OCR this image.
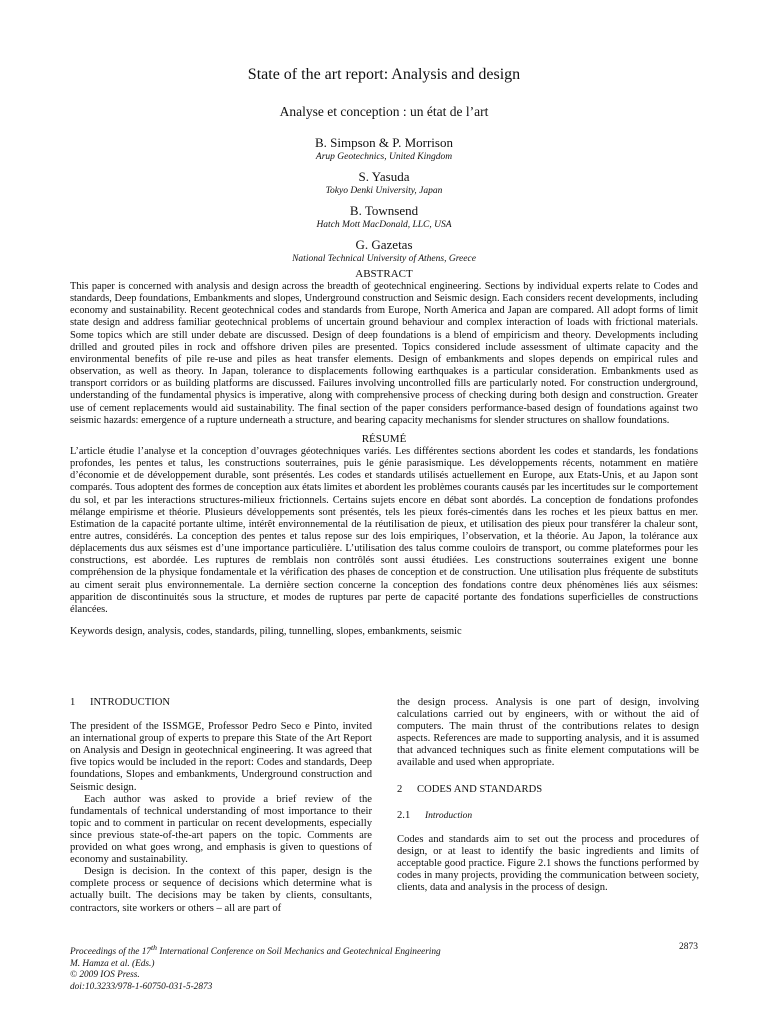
State of the art report: Analysis and design
Analyse et conception : un état de l’art
B. Simpson & P. Morrison
Arup Geotechnics, United Kingdom
S. Yasuda
Tokyo Denki University, Japan
B. Townsend
Hatch Mott MacDonald, LLC, USA
G. Gazetas
National Technical University of Athens, Greece
ABSTRACT

This paper is concerned with analysis and design across the breadth of geotechnical engineering. Sections by individual experts relate to Codes and standards, Deep foundations, Embankments and slopes, Underground construction and Seismic design. Each considers recent developments, including economy and sustainability. Recent geotechnical codes and standards from Europe, North America and Japan are compared. All adopt forms of limit state design and address familiar geotechnical problems of uncertain ground behaviour and complex interaction of loads with frictional materials. Some topics which are still under debate are discussed. Design of deep foundations is a blend of empiricism and theory. Developments including drilled and grouted piles in rock and offshore driven piles are presented. Topics considered include assessment of ultimate capacity and the environmental benefits of pile re-use and piles as heat transfer elements. Design of embankments and slopes depends on empirical rules and observation, as well as theory. In Japan, tolerance to displacements following earthquakes is a particular consideration. Embankments used as transport corridors or as building platforms are discussed. Failures involving uncontrolled fills are particularly noted. For construction underground, understanding of the fundamental physics is imperative, along with comprehensive process of checking during both design and construction. Greater use of cement replacements would aid sustainability. The final section of the paper considers performance-based design of foundations against two seismic hazards: emergence of a rupture underneath a structure, and bearing capacity mechanisms for slender structures on shallow foundations.

RÉSUMÉ

L’article étudie l’analyse et la conception d’ouvrages géotechniques variés. Les différentes sections abordent les codes et standards, les fondations profondes, les pentes et talus, les constructions souterraines, puis le génie parasismique. Les développements récents, notamment en matière d’économie et de développement durable, sont présentés. Les codes et standards utilisés actuellement en Europe, aux Etats-Unis, et au Japon sont comparés. Tous adoptent des formes de conception aux états limites et abordent les problèmes courants causés par les incertitudes sur le comportement du sol, et par les interactions structures-milieux frictionnels. Certains sujets encore en débat sont abordés. La conception de fondations profondes mélange empirisme et théorie. Plusieurs développements sont présentés, tels les pieux forés-cimentés dans les roches et les pieux battus en mer. Estimation de la capacité portante ultime, intérêt environnemental de la réutilisation de pieux, et utilisation des pieux pour transférer la chaleur sont, entre autres, considérés. La conception des pentes et talus repose sur des lois empiriques, l’observation, et la théorie. Au Japon, la tolérance aux déplacements dus aux séismes est d’une importance particulière. L’utilisation des talus comme couloirs de transport, ou comme plateformes pour les constructions, est abordée. Les ruptures de remblais non contrôlés sont aussi étudiées. Les constructions souterraines exigent une bonne compréhension de la physique fondamentale et la vérification des phases de conception et de construction. Une utilisation plus fréquente de substituts au ciment serait plus environnementale. La dernière section concerne la conception des fondations contre deux phénomènes liés aux séismes: apparition de discontinuités sous la structure, et modes de ruptures par perte de capacité portante des fondations superficielles de constructions élancées.

Keywords design, analysis, codes, standards, piling, tunnelling, slopes, embankments, seismic
1 INTRODUCTION

The president of the ISSMGE, Professor Pedro Seco e Pinto, invited an international group of experts to prepare this State of the Art Report on Analysis and Design in geotechnical engineering. It was agreed that five topics would be included in the report: Codes and standards, Deep foundations, Slopes and embankments, Underground construction and Seismic design.

Each author was asked to provide a brief review of the fundamentals of technical understanding of most importance to their topic and to comment in particular on recent developments, especially since previous state-of-the-art papers on the topic. Comments are provided on what goes wrong, and emphasis is given to questions of economy and sustainability.

Design is decision. In the context of this paper, design is the complete process or sequence of decisions which determine what is actually built. The decisions may be taken by clients, consultants, contractors, site workers or others – all are part of

the design process. Analysis is one part of design, involving calculations carried out by engineers, with or without the aid of computers. The main thrust of the contributions relates to design aspects. References are made to supporting analysis, and it is assumed that advanced techniques such as finite element computations will be available and used when appropriate.

2 CODES AND STANDARDS
2.1 Introduction

Codes and standards aim to set out the process and procedures of design, or at least to identify the basic ingredients and limits of acceptable good practice. Figure 2.1 shows the functions performed by codes in many projects, providing the communication between society, clients, data and analysis in the process of design.

Proceedings of the 17th International Conference on Soil Mechanics and Geotechnical Engineering
M. Hamza et al. (Eds.)
© 2009 IOS Press.
doi:10.3233/978-1-60750-031-5-2873
2873
